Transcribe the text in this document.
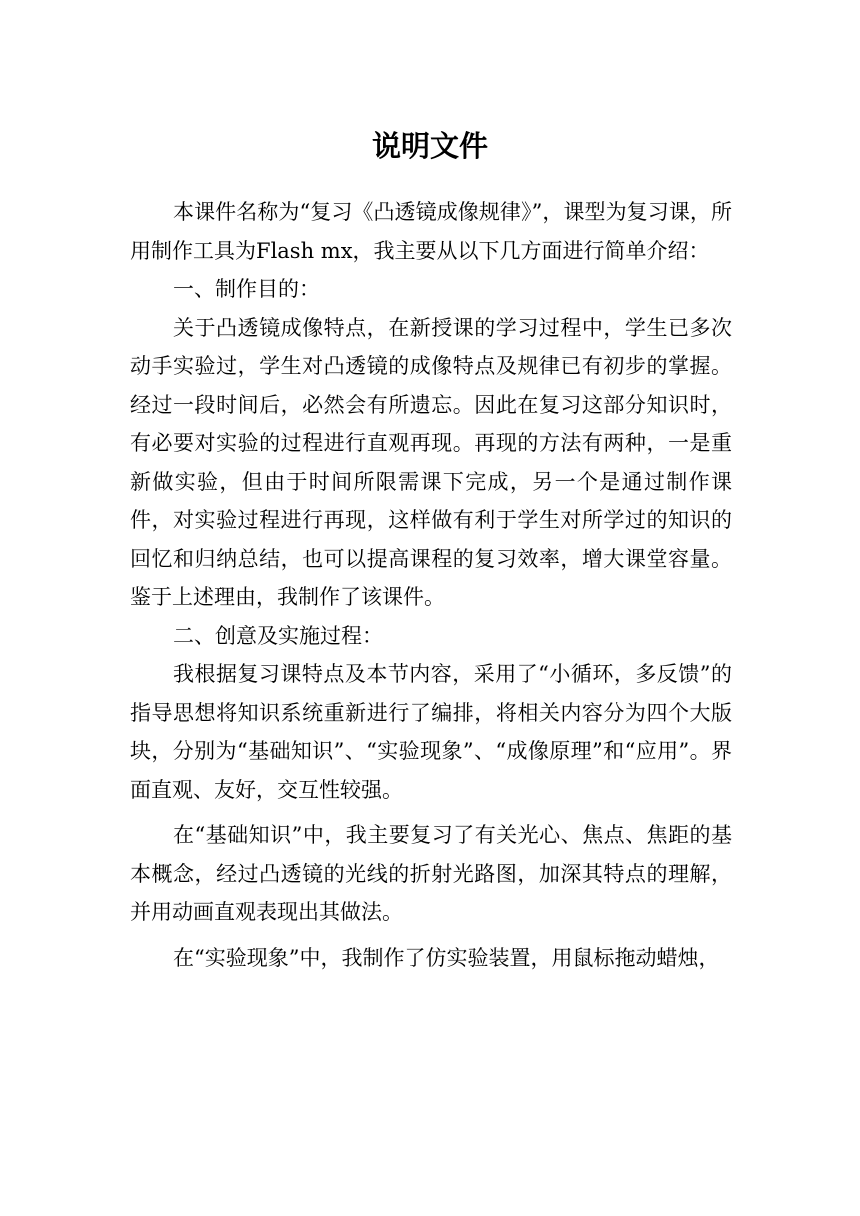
说明文件

本课件名称为“复习《凸透镜成像规律》”，课型为复习课，所用制作工具为Flash mx，我主要从以下几方面进行简单介绍：

一、制作目的：

关于凸透镜成像特点，在新授课的学习过程中，学生已多次动手实验过，学生对凸透镜的成像特点及规律已有初步的掌握。经过一段时间后，必然会有所遗忘。因此在复习这部分知识时，有必要对实验的过程进行直观再现。再现的方法有两种，一是重新做实验，但由于时间所限需课下完成，另一个是通过制作课件，对实验过程进行再现，这样做有利于学生对所学过的知识的回忆和归纳总结，也可以提高课程的复习效率，增大课堂容量。鉴于上述理由，我制作了该课件。

二、创意及实施过程：

我根据复习课特点及本节内容，采用了“小循环，多反馈”的指导思想将知识系统重新进行了编排，将相关内容分为四个大版块，分别为“基础知识”、“实验现象”、“成像原理”和“应用”。界面直观、友好，交互性较强。

在“基础知识”中，我主要复习了有关光心、焦点、焦距的基本概念，经过凸透镜的光线的折射光路图，加深其特点的理解，并用动画直观表现出其做法。

在“实验现象”中，我制作了仿实验装置，用鼠标拖动蜡烛，
